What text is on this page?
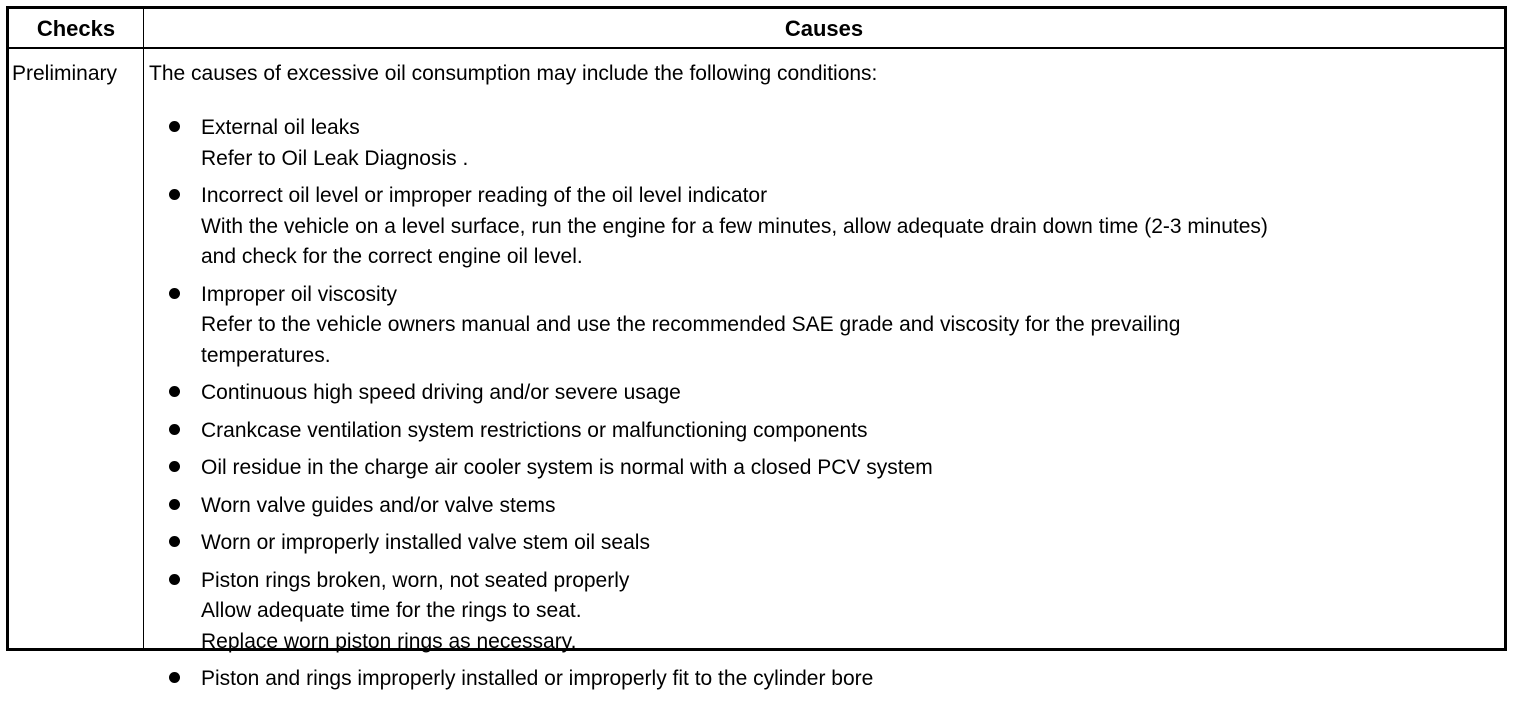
Checks	Causes
Preliminary The causes of excessive oil consumption may include the following conditions:

External oil leaks
Refer to Oil Leak Diagnosis .
Incorrect oil level or improper reading of the oil level indicator
With the vehicle on a level surface, run the engine for a few minutes, allow adequate drain down time (2-3 minutes)
and check for the correct engine oil level.
Improper oil viscosity
Refer to the vehicle owners manual and use the recommended SAE grade and viscosity for the prevailing
temperatures.
Continuous high speed driving and/or severe usage
Crankcase ventilation system restrictions or malfunctioning components
Oil residue in the charge air cooler system is normal with a closed PCV system
Worn valve guides and/or valve stems
Worn or improperly installed valve stem oil seals
Piston rings broken, worn, not seated properly
Allow adequate time for the rings to seat.
Replace worn piston rings as necessary.
Piston and rings improperly installed or improperly fit to the cylinder bore
